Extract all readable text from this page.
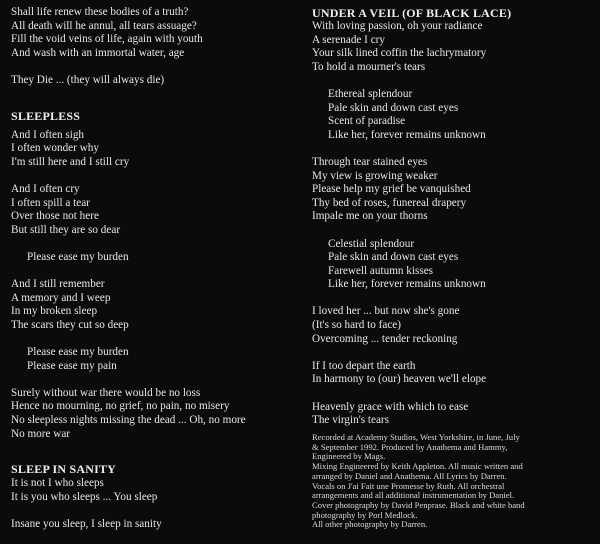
Shall life renew these bodies of a truth?
All death will he annul, all tears assuage?
Fill the void veins of life, again with youth
And wash with an immortal water, age
They Die ... (they will always die)
SLEEPLESS
And I often sigh
I often wonder why
I'm still here and I still cry
And I often cry
I often spill a tear
Over those not here
But still they are so dear
Please ease my burden
And I still remember
A memory and I weep
In my broken sleep
The scars they cut so deep
Please ease my burden
Please ease my pain
Surely without war there would be no loss
Hence no mourning, no grief, no pain, no misery
No sleepless nights missing the dead ... Oh, no more
No more war
SLEEP IN SANITY
It is not I who sleeps
It is you who sleeps ... You sleep
Insane you sleep, I sleep in sanity
UNDER A VEIL (OF BLACK LACE)
With loving passion, oh your radiance
A serenade I cry
Your silk lined coffin the lachrymatory
To hold a mourner's tears
Ethereal splendour
Pale skin and down cast eyes
Scent of paradise
Like her, forever remains unknown
Through tear stained eyes
My view is growing weaker
Please help my grief be vanquished
Thy bed of roses, funereal drapery
Impale me on your thorns
Celestial splendour
Pale skin and down cast eyes
Farewell autumn kisses
Like her, forever remains unknown
I loved her ... but now she's gone
(It's so hard to face)
Overcoming ... tender reckoning
If I too depart the earth
In harmony to (our) heaven we'll elope
Heavenly grace with which to ease
The virgin's tears
Recorded at Academy Studios, West Yorkshire, in June, July
& September 1992. Produced by Anathema and Hammy,
Engineered by Mags.
Mixing Engineered by Keith Appleton. All music written and
arranged by Daniel and Anathema. All Lyrics by Darren.
Vocals on J'ai Fait une Promesse by Ruth. All orchestral
arrangements and all additional instrumentation by Daniel.
Cover photography by David Penprase. Black and white band
photography by Porl Medlock.
All other photography by Darren.
